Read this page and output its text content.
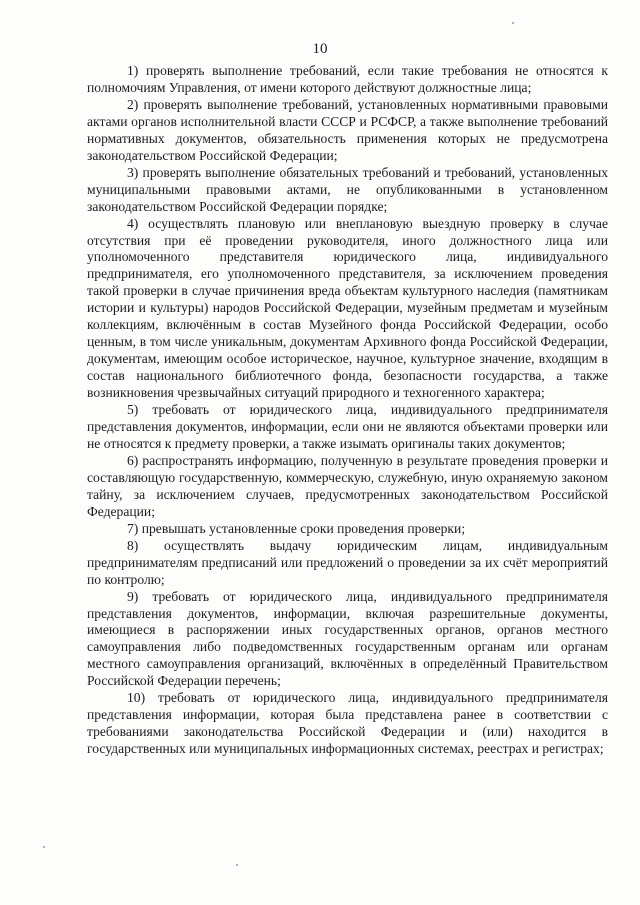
10

1) проверять выполнение требований, если такие требования не относятся к полномочиям Управления, от имени которого действуют должностные лица;

2) проверять выполнение требований, установленных нормативными правовыми актами органов исполнительной власти СССР и РСФСР, а также выполнение требований нормативных документов, обязательность применения которых не предусмотрена законодательством Российской Федерации;

3) проверять выполнение обязательных требований и требований, установленных муниципальными правовыми актами, не опубликованными в установленном законодательством Российской Федерации порядке;

4) осуществлять плановую или внеплановую выездную проверку в случае отсутствия при её проведении руководителя, иного должностного лица или уполномоченного представителя юридического лица, индивидуального предпринимателя, его уполномоченного представителя, за исключением проведения такой проверки в случае причинения вреда объектам культурного наследия (памятникам истории и культуры) народов Российской Федерации, музейным предметам и музейным коллекциям, включённым в состав Музейного фонда Российской Федерации, особо ценным, в том числе уникальным, документам Архивного фонда Российской Федерации, документам, имеющим особое историческое, научное, культурное значение, входящим в состав национального библиотечного фонда, безопасности государства, а также возникновения чрезвычайных ситуаций природного и техногенного характера;

5) требовать от юридического лица, индивидуального предпринимателя представления документов, информации, если они не являются объектами проверки или не относятся к предмету проверки, а также изымать оригиналы таких документов;

6) распространять информацию, полученную в результате проведения проверки и составляющую государственную, коммерческую, служебную, иную охраняемую законом тайну, за исключением случаев, предусмотренных законодательством Российской Федерации;

7) превышать установленные сроки проведения проверки;

8) осуществлять выдачу юридическим лицам, индивидуальным предпринимателям предписаний или предложений о проведении за их счёт мероприятий по контролю;

9) требовать от юридического лица, индивидуального предпринимателя представления документов, информации, включая разрешительные документы, имеющиеся в распоряжении иных государственных органов, органов местного самоуправления либо подведомственных государственным органам или органам местного самоуправления организаций, включённых в определённый Правительством Российской Федерации перечень;

10) требовать от юридического лица, индивидуального предпринимателя представления информации, которая была представлена ранее в соответствии с требованиями законодательства Российской Федерации и (или) находится в государственных или муниципальных информационных системах, реестрах и регистрах;
